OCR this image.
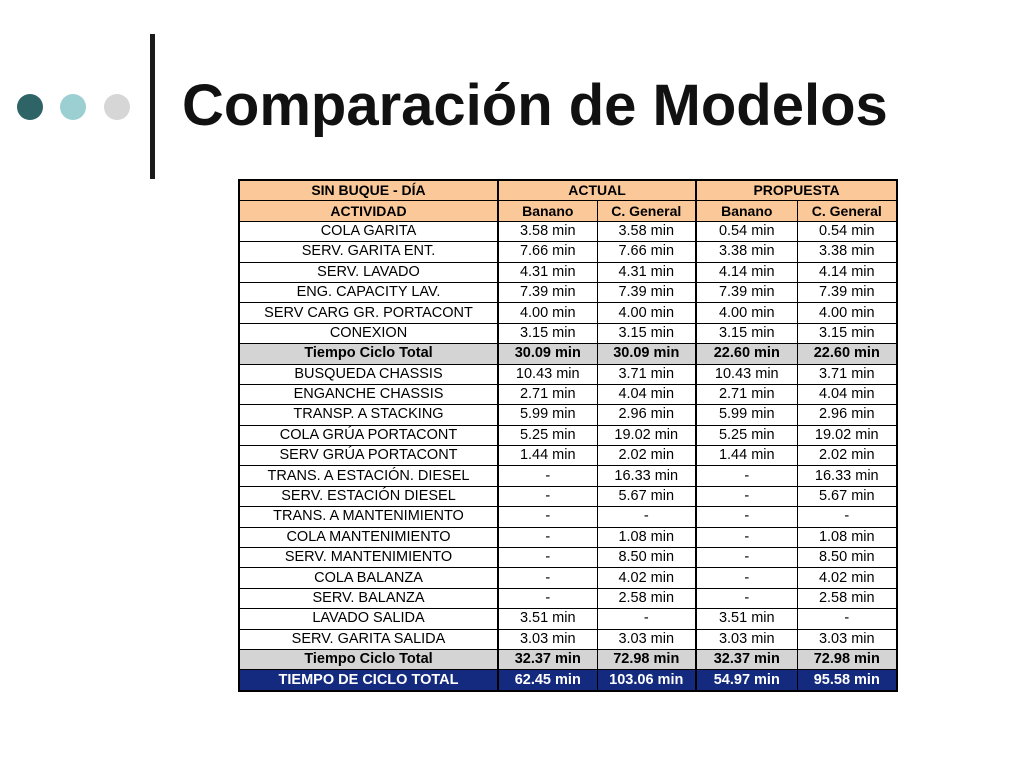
Comparación de Modelos
SIN BUQUE - DÍA	ACTUAL		PROPUESTA	
ACTIVIDAD	Banano	C. General	Banano	C. General
COLA GARITA	3.58 min	3.58 min	0.54 min	0.54 min
SERV. GARITA ENT.	7.66 min	7.66 min	3.38 min	3.38 min
SERV. LAVADO	4.31 min	4.31 min	4.14 min	4.14 min
ENG. CAPACITY LAV.	7.39 min	7.39 min	7.39 min	7.39 min
SERV CARG GR. PORTACONT	4.00 min	4.00 min	4.00 min	4.00 min
CONEXION	3.15 min	3.15 min	3.15 min	3.15 min
Tiempo Ciclo Total	30.09 min	30.09 min	22.60 min	22.60 min
BUSQUEDA CHASSIS	10.43 min	3.71 min	10.43 min	3.71 min
ENGANCHE CHASSIS	2.71 min	4.04 min	2.71 min	4.04 min
TRANSP. A STACKING	5.99 min	2.96 min	5.99 min	2.96 min
COLA GRÚA PORTACONT	5.25 min	19.02 min	5.25 min	19.02 min
SERV GRÚA PORTACONT	1.44 min	2.02 min	1.44 min	2.02 min
TRANS. A ESTACIÓN. DIESEL	-	16.33 min	-	16.33 min
SERV. ESTACIÓN DIESEL	-	5.67 min	-	5.67 min
TRANS. A MANTENIMIENTO	-	-	-	-
COLA MANTENIMIENTO	-	1.08 min	-	1.08 min
SERV. MANTENIMIENTO	-	8.50 min	-	8.50 min
COLA BALANZA	-	4.02 min	-	4.02 min
SERV. BALANZA	-	2.58 min	-	2.58 min
LAVADO SALIDA	3.51 min	-	3.51 min	-
SERV. GARITA SALIDA	3.03 min	3.03 min	3.03 min	3.03 min
Tiempo Ciclo Total	32.37 min	72.98 min	32.37 min	72.98 min
TIEMPO DE CICLO TOTAL	62.45 min	103.06 min	54.97 min	95.58 min
